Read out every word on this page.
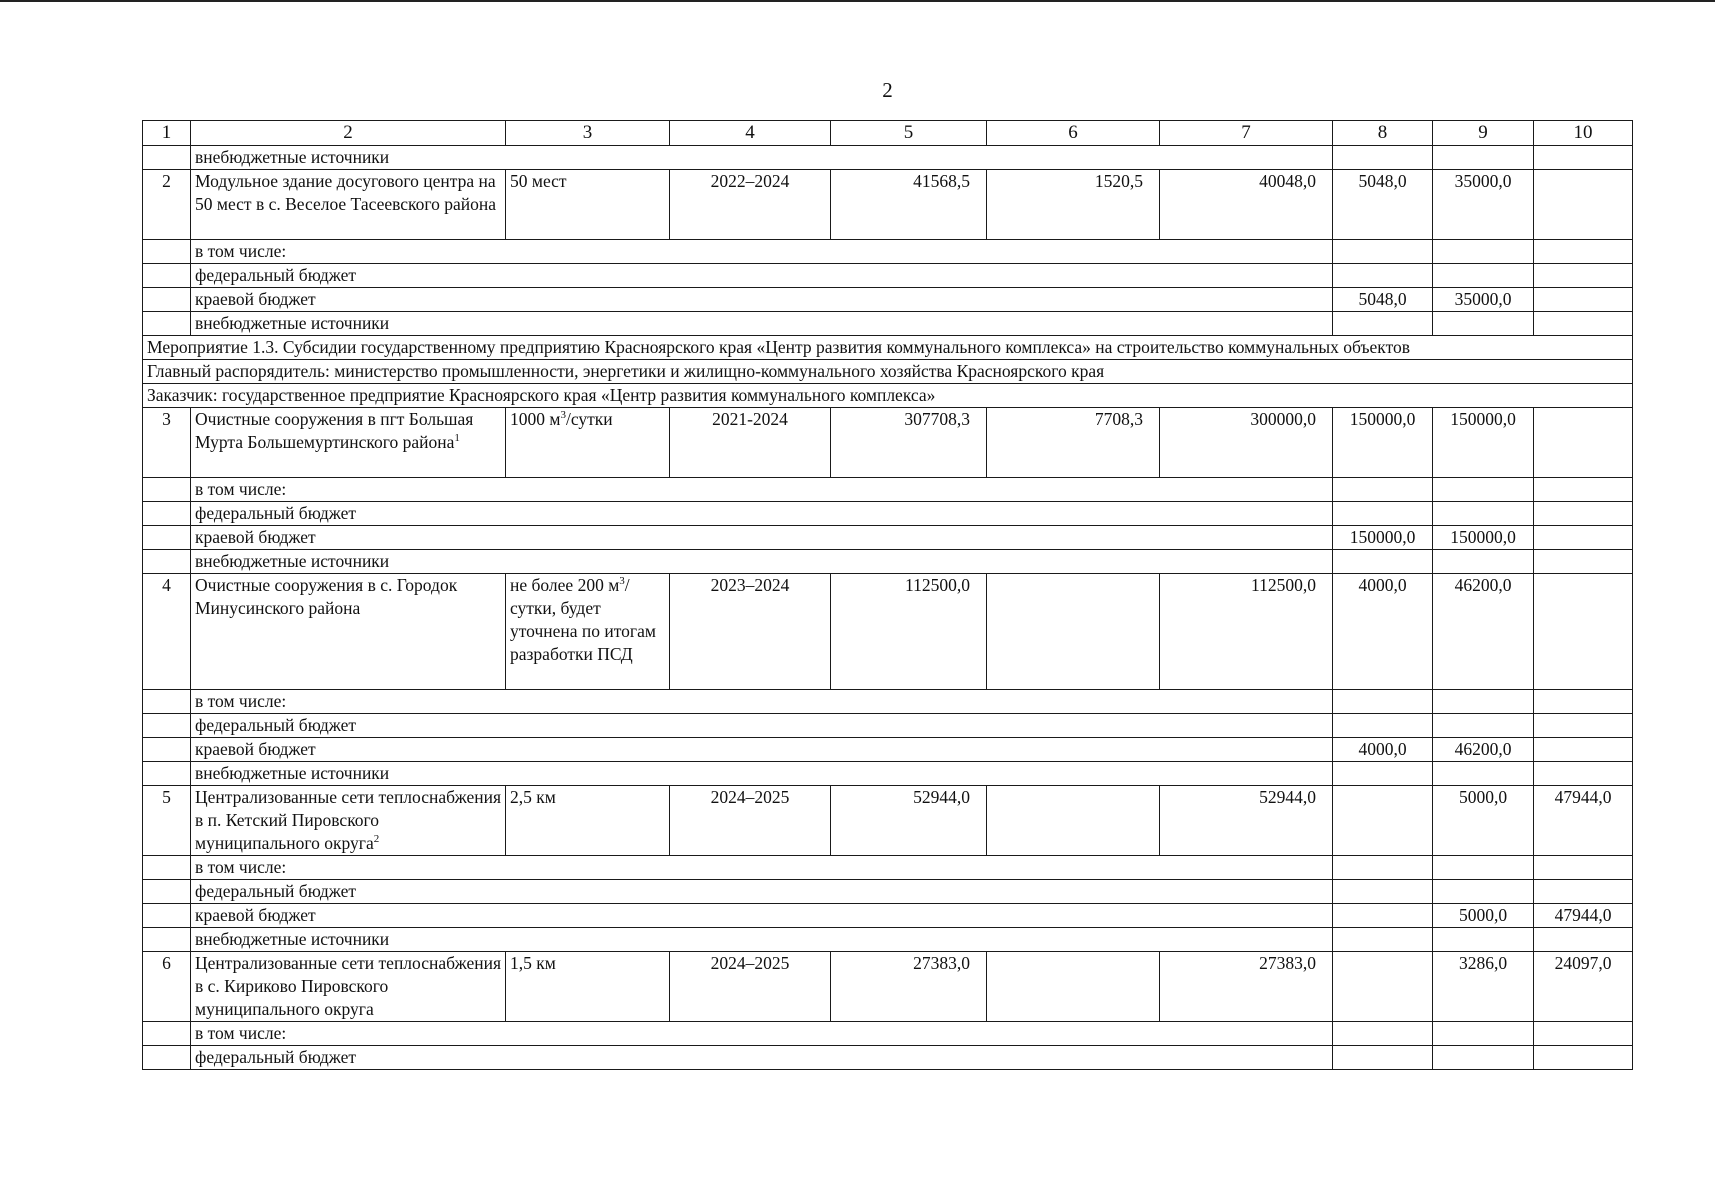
2
1	2	3	4	5	6	7	8	9	10
	внебюджетные источники								
2	Модульное здание досугового центра на 50 мест в с. Веселое Тасеевского района	50 мест	2022–2024	41568,5	1520,5	40048,0	5048,0	35000,0	
	в том числе:								
	федеральный бюджет								
	краевой бюджет						5048,0	35000,0	
	внебюджетные источники								
Мероприятие 1.3. Субсидии государственному предприятию Красноярского края «Центр развития коммунального комплекса» на строительство коммунальных объектов									
Главный распорядитель: министерство промышленности, энергетики и жилищно-коммунального хозяйства Красноярского края									
Заказчик: государственное предприятие Красноярского края «Центр развития коммунального комплекса»									
3	Очистные сооружения в пгт Большая Мурта Большемуртинского района$^1$	1000 $м^3$/сутки	2021-2024	307708,3	7708,3	300000,0	150000,0	150000,0	
	в том числе:								
	федеральный бюджет								
	краевой бюджет						150000,0	150000,0	
	внебюджетные источники								
4	Очистные сооружения в с. Городок Минусинского района	не более 200 $м^3/$ сутки, будет уточнена по итогам разработки ПСД	2023–2024	112500,0		112500,0	4000,0	46200,0	
	в том числе:								
	федеральный бюджет								
	краевой бюджет						4000,0	46200,0	
	внебюджетные источники								
5	Централизованные сети теплоснабжения в п. Кетский Пировского муниципального округа$^2$	2,5 км	2024–2025	52944,0		52944,0		5000,0	47944,0
	в том числе:								
	федеральный бюджет								
	краевой бюджет							5000,0	47944,0
	внебюджетные источники								
6	Централизованные сети теплоснабжения в с. Кириково Пировского муниципального округа	1,5 км	2024–2025	27383,0		27383,0		3286,0	24097,0
	в том числе:								
	федеральный бюджет								
